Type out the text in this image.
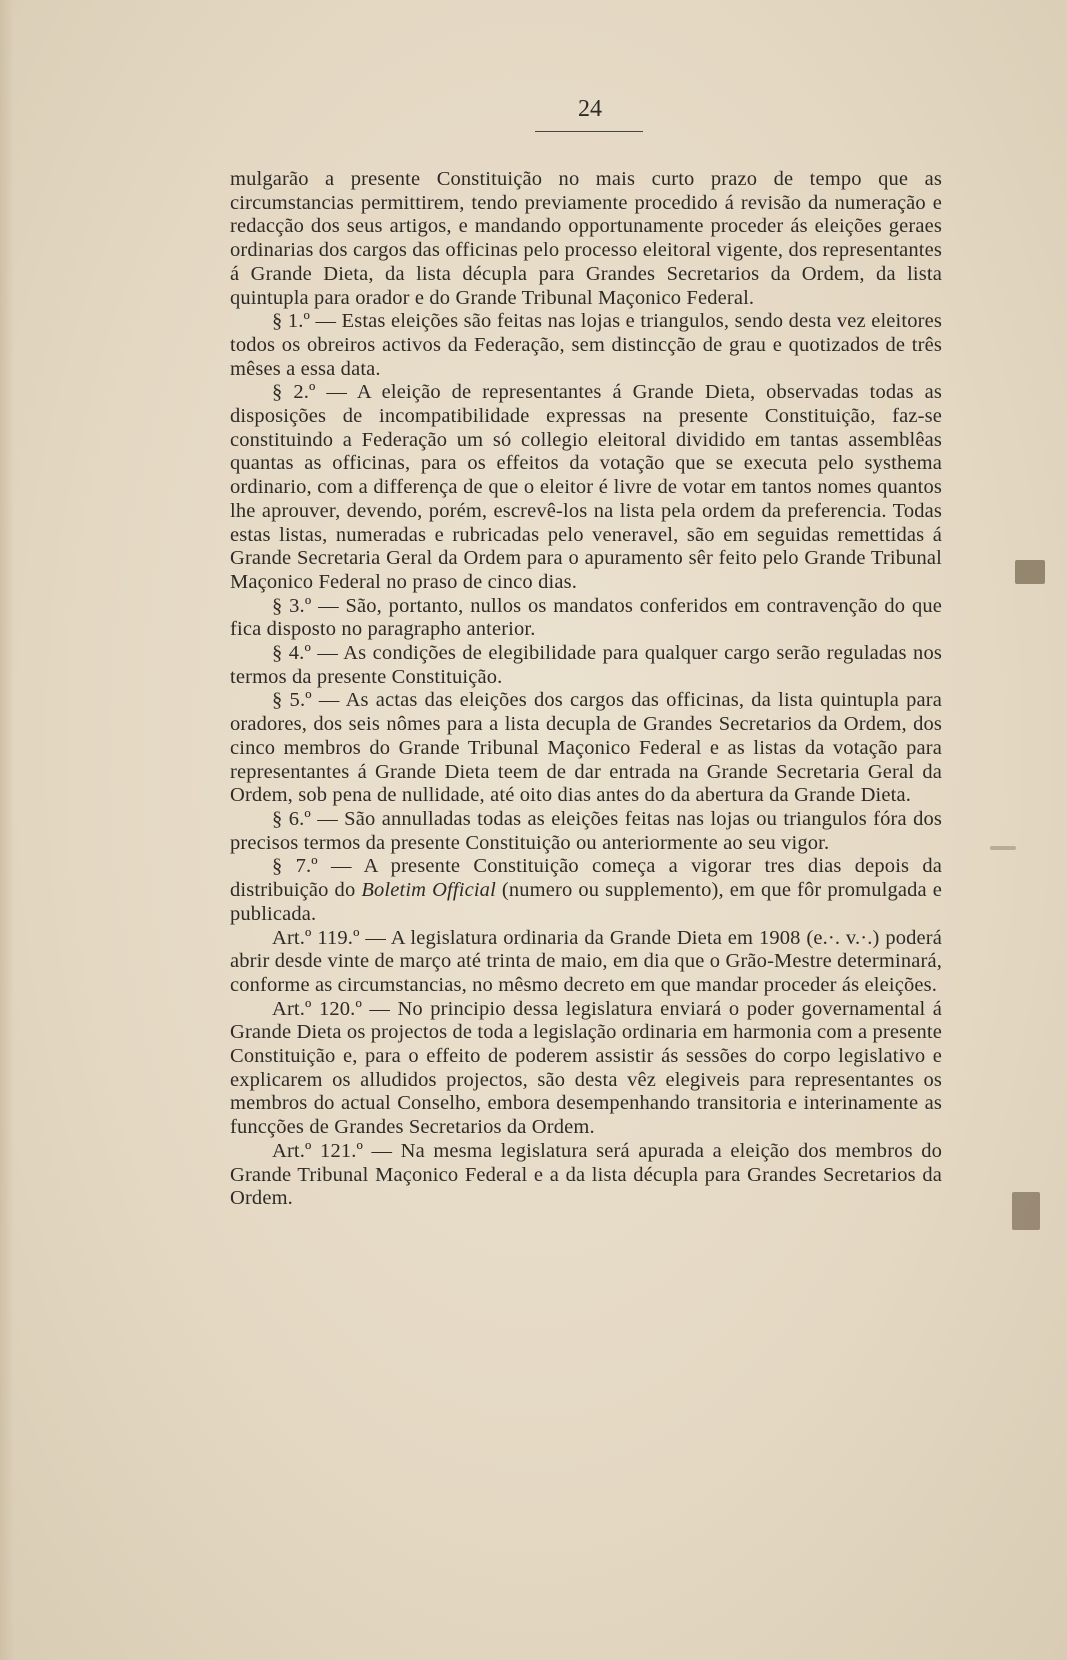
24

mulgarão a presente Constituição no mais curto prazo de tempo que as circumstancias permittirem, tendo previamente procedido á revisão da numeração e redacção dos seus artigos, e mandando opportunamente proceder ás eleições geraes ordinarias dos cargos das officinas pelo processo eleitoral vigente, dos representantes á Grande Dieta, da lista décupla para Grandes Secretarios da Ordem, da lista quintupla para orador e do Grande Tribunal Maçonico Federal.

§ 1.º — Estas eleições são feitas nas lojas e triangulos, sendo desta vez eleitores todos os obreiros activos da Federação, sem distincção de grau e quotizados de três mêses a essa data.

§ 2.º — A eleição de representantes á Grande Dieta, observadas todas as disposições de incompatibilidade expressas na presente Constituição, faz-se constituindo a Federação um só collegio eleitoral dividido em tantas assemblêas quantas as officinas, para os effeitos da votação que se executa pelo systhema ordinario, com a differença de que o eleitor é livre de votar em tantos nomes quantos lhe aprouver, devendo, porém, escrevê-los na lista pela ordem da preferencia. Todas estas listas, numeradas e rubricadas pelo veneravel, são em seguidas remettidas á Grande Secretaria Geral da Ordem para o apuramento sêr feito pelo Grande Tribunal Maçonico Federal no praso de cinco dias.

§ 3.º — São, portanto, nullos os mandatos conferidos em contravenção do que fica disposto no paragrapho anterior.

§ 4.º — As condições de elegibilidade para qualquer cargo serão reguladas nos termos da presente Constituição.

§ 5.º — As actas das eleições dos cargos das officinas, da lista quintupla para oradores, dos seis nômes para a lista decupla de Grandes Secretarios da Ordem, dos cinco membros do Grande Tribunal Maçonico Federal e as listas da votação para representantes á Grande Dieta teem de dar entrada na Grande Secretaria Geral da Ordem, sob pena de nullidade, até oito dias antes do da abertura da Grande Dieta.

§ 6.º — São annulladas todas as eleições feitas nas lojas ou triangulos fóra dos precisos termos da presente Constituição ou anteriormente ao seu vigor.

§ 7.º — A presente Constituição começa a vigorar tres dias depois da distribuição do Boletim Official (numero ou supplemento), em que fôr promulgada e publicada.

Art.º 119.º — A legislatura ordinaria da Grande Dieta em 1908 (e.·. v.·.) poderá abrir desde vinte de março até trinta de maio, em dia que o Grão-Mestre determinará, conforme as circumstancias, no mêsmo decreto em que mandar proceder ás eleições.

Art.º 120.º — No principio dessa legislatura enviará o poder governamental á Grande Dieta os projectos de toda a legislação ordinaria em harmonia com a presente Constituição e, para o effeito de poderem assistir ás sessões do corpo legislativo e explicarem os alludidos projectos, são desta vêz elegiveis para representantes os membros do actual Conselho, embora desempenhando transitoria e interinamente as funcções de Grandes Secretarios da Ordem.

Art.º 121.º — Na mesma legislatura será apurada a eleição dos membros do Grande Tribunal Maçonico Federal e a da lista décupla para Grandes Secretarios da Ordem.
